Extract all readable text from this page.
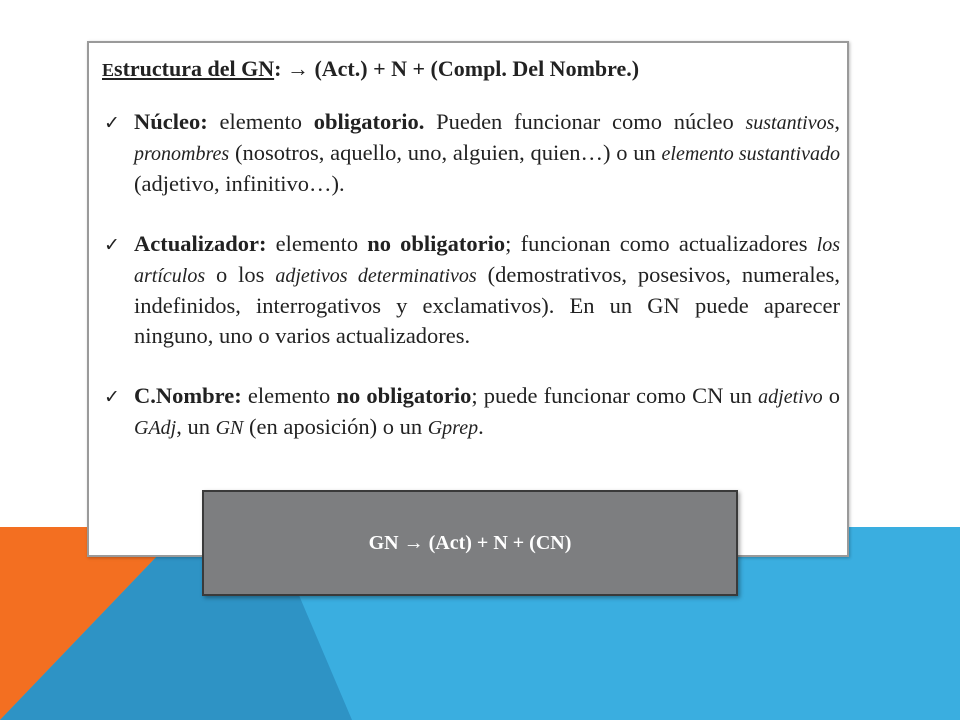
Estructura del GN: → (Act.) + N + (Compl. Del Nombre.)
✓ Núcleo: elemento obligatorio. Pueden funcionar como núcleo sustantivos, pronombres (nosotros, aquello, uno, alguien, quien…) o un elemento sustantivado (adjetivo, infinitivo…).
✓ Actualizador: elemento no obligatorio; funcionan como actualizadores los artículos o los adjetivos determinativos (demostrativos, posesivos, numerales, indefinidos, interrogativos y exclamativos). En un GN puede aparecer ninguno, uno o varios actualizadores.
✓ C.Nombre: elemento no obligatorio; puede funcionar como CN un adjetivo o GAdj, un GN (en aposición) o un Gprep.
GN → (Act) + N + (CN)
